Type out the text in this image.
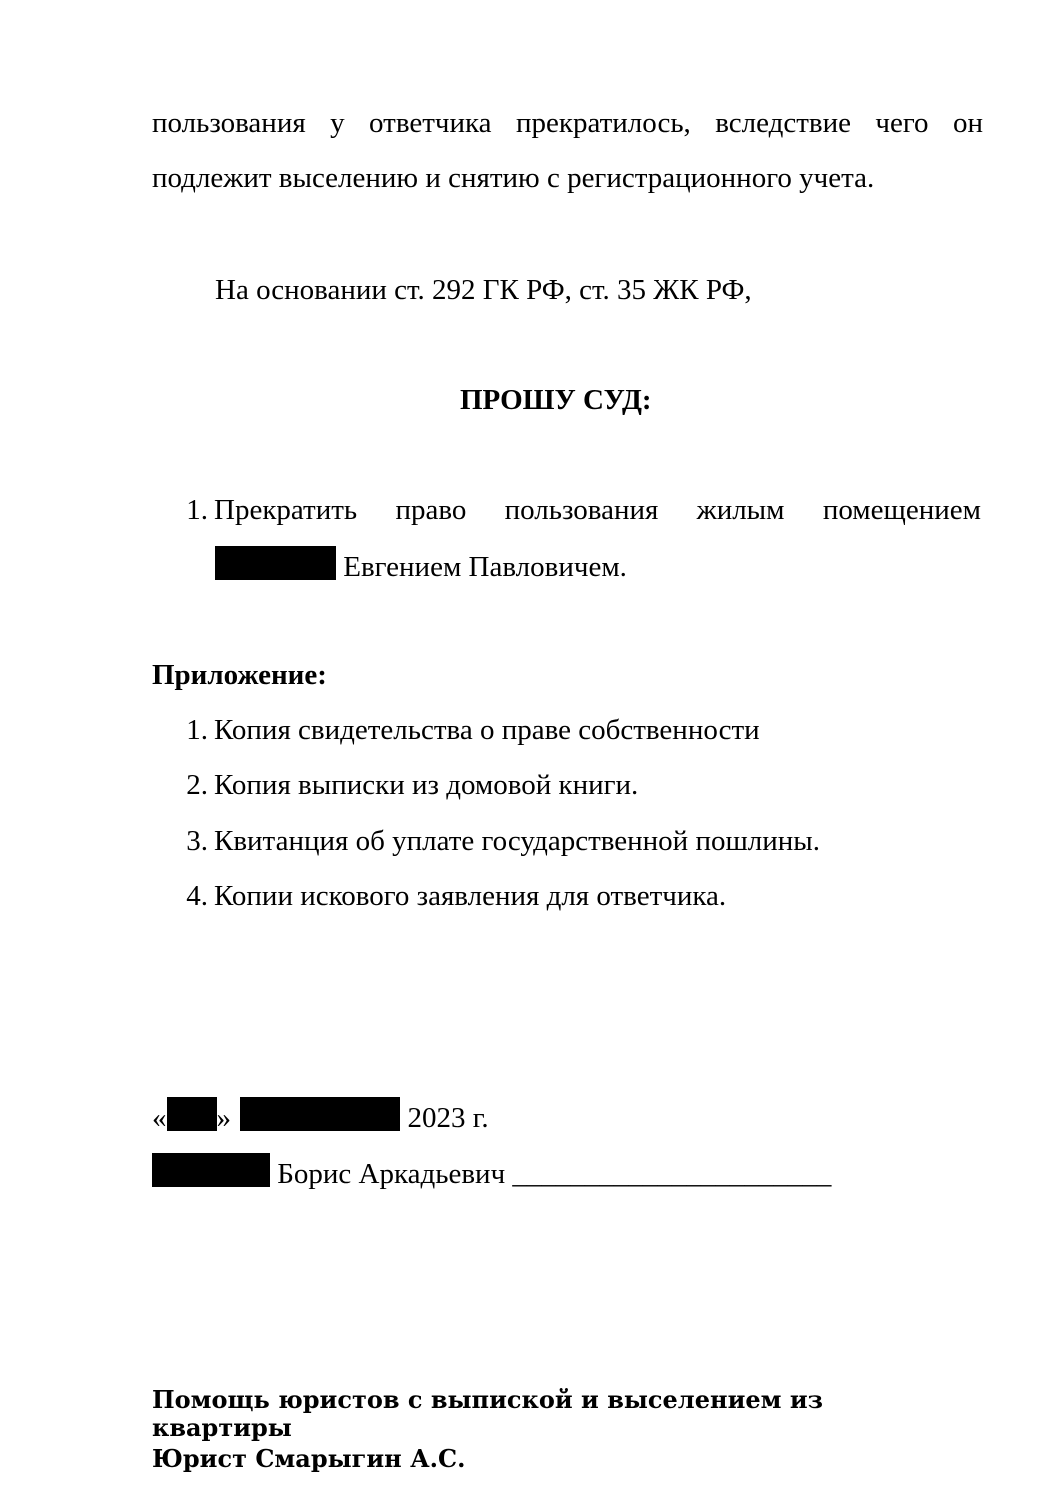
пользования у ответчика прекратилось, вследствие чего он
подлежит выселению и снятию с регистрационного учета.
На основании ст. 292 ГК РФ, ст. 35 ЖК РФ,
ПРОШУ СУД:
1. Прекратить право пользования жилым помещением
Евгением Павловичем.
Приложение:
1. Копия свидетельства о праве собственности
2. Копия выписки из домовой книги.
3. Квитанция об уплате государственной пошлины.
4. Копии искового заявления для ответчика.
« »	2023 г.
Борис Аркадьевич ______________________
Помощь юристов с выпиской и выселением из
квартиры
Юрист Смарыгин А.С.
